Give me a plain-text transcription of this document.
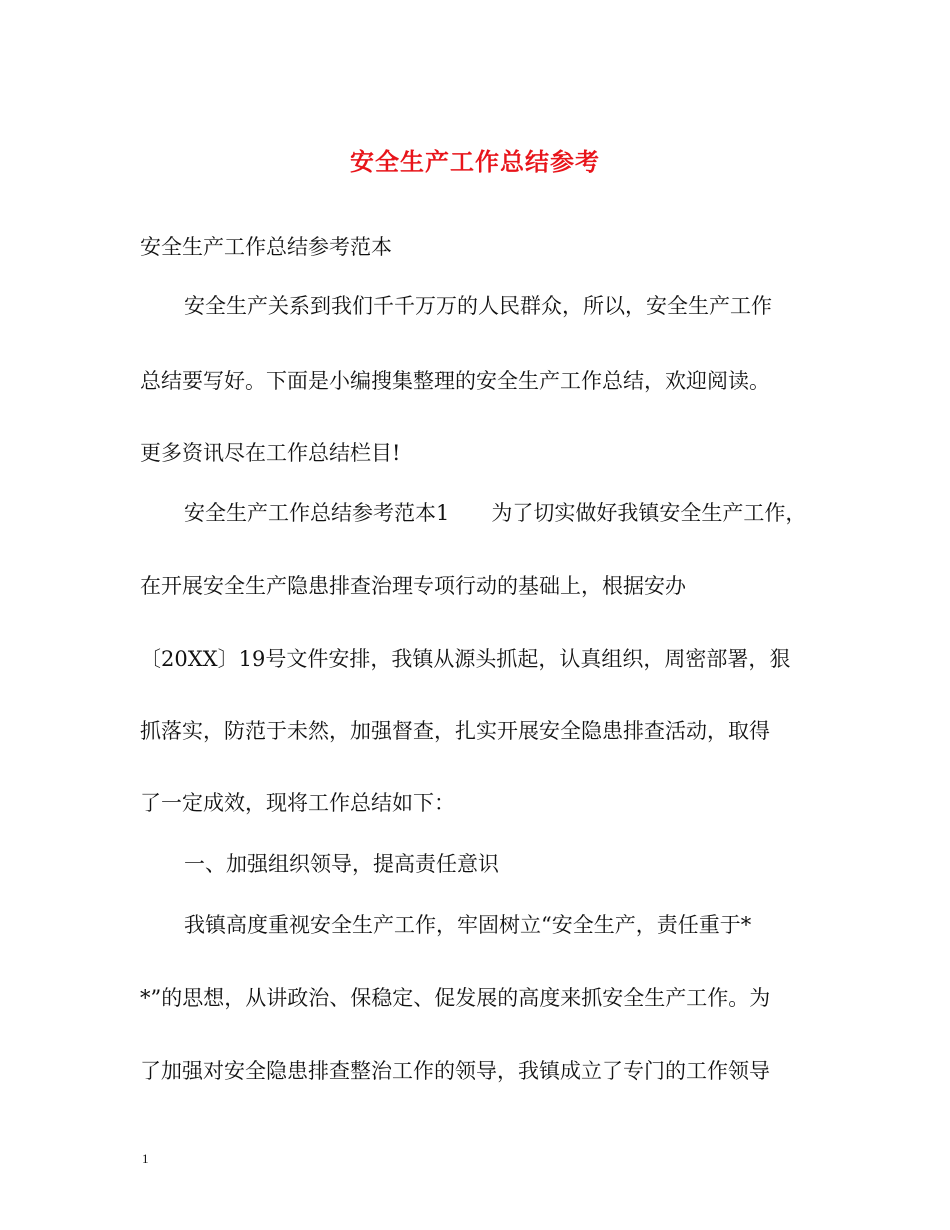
安全生产工作总结参考
安全生产工作总结参考范本
安全生产关系到我们千千万万的人民群众，所以，安全生产工作
总结要写好。下面是小编搜集整理的安全生产工作总结，欢迎阅读。
更多资讯尽在工作总结栏目!
安全生产工作总结参考范本1　　为了切实做好我镇安全生产工作，
在开展安全生产隐患排查治理专项行动的基础上，根据安办
〔20XX〕19号文件安排，我镇从源头抓起，认真组织，周密部署，狠
抓落实，防范于未然，加强督查，扎实开展安全隐患排查活动，取得
了一定成效，现将工作总结如下：
一、加强组织领导，提高责任意识
我镇高度重视安全生产工作，牢固树立“安全生产，责任重于*
*”的思想，从讲政治、保稳定、促发展的高度来抓安全生产工作。为
了加强对安全隐患排查整治工作的领导，我镇成立了专门的工作领导
1
